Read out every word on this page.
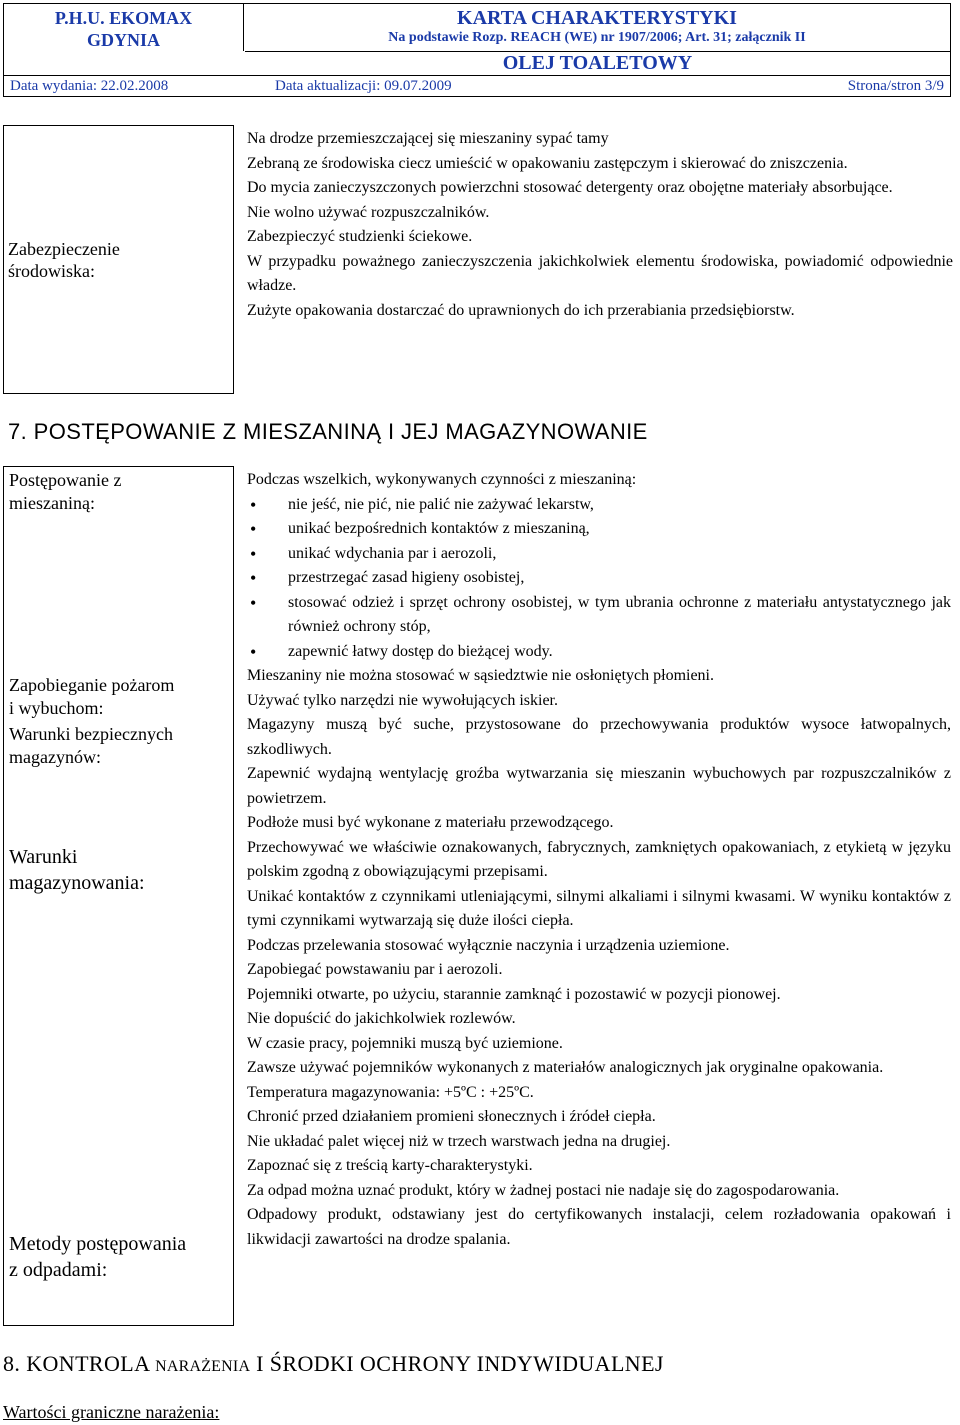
P.H.U. EKOMAX
GDYNIA
KARTA CHARAKTERYSTYKI
Na podstawie Rozp. REACH (WE) nr 1907/2006; Art. 31; załącznik II
OLEJ TOALETOWY
Data wydania: 22.02.2008	Data aktualizacji: 09.07.2009	Strona/stron 3/9
Zabezpieczenie
środowiska:
Na drodze przemieszczającej się mieszaniny sypać tamy
Zebraną ze środowiska ciecz umieścić w opakowaniu zastępczym i skierować do zniszczenia.
Do mycia zanieczyszczonych powierzchni stosować detergenty oraz obojętne materiały absorbujące.
Nie wolno używać rozpuszczalników.
Zabezpieczyć studzienki ściekowe.
W przypadku poważnego zanieczyszczenia jakichkolwiek elementu środowiska, powiadomić odpowiednie władze.
Zużyte opakowania dostarczać do uprawnionych do ich przerabiania przedsiębiorstw.
7. POSTĘPOWANIE Z MIESZANINĄ I JEJ MAGAZYNOWANIE
Postępowanie z
mieszaniną:
Zapobieganie pożarom
i wybuchom:
Warunki bezpiecznych
magazynów:
Warunki
magazynowania:
Metody postępowania
z odpadami:
Podczas wszelkich, wykonywanych czynności z mieszaniną:
• nie jeść, nie pić, nie palić nie zażywać lekarstw,
• unikać bezpośrednich kontaktów z mieszaniną,
• unikać wdychania par i aerozoli,
• przestrzegać zasad higieny osobistej,
• stosować odzież i sprzęt ochrony osobistej, w tym ubrania ochronne z materiału antystatycznego jak również ochrony stóp,
• zapewnić łatwy dostęp do bieżącej wody.
Mieszaniny nie można stosować w sąsiedztwie nie osłoniętych płomieni.
Używać tylko narzędzi nie wywołujących iskier.
Magazyny muszą być suche, przystosowane do przechowywania produktów wysoce łatwopalnych, szkodliwych.
Zapewnić wydajną wentylację groźba wytwarzania się mieszanin wybuchowych par rozpuszczalników z powietrzem.
Podłoże musi być wykonane z materiału przewodzącego.
Przechowywać we właściwie oznakowanych, fabrycznych, zamkniętych opakowaniach, z etykietą w języku polskim zgodną z obowiązującymi przepisami.
Unikać kontaktów z czynnikami utleniającymi, silnymi alkaliami i silnymi kwasami. W wyniku kontaktów z tymi czynnikami wytwarzają się duże ilości ciepła.
Podczas przelewania stosować wyłącznie naczynia i urządzenia uziemione.
Zapobiegać powstawaniu par i aerozoli.
Pojemniki otwarte, po użyciu, starannie zamknąć i pozostawić w pozycji pionowej.
Nie dopuścić do jakichkolwiek rozlewów.
W czasie pracy, pojemniki muszą być uziemione.
Zawsze używać pojemników wykonanych z materiałów analogicznych jak oryginalne opakowania.
Temperatura magazynowania: +5ºC : +25ºC.
Chronić przed działaniem promieni słonecznych i źródeł ciepła.
Nie układać palet więcej niż w trzech warstwach jedna na drugiej.
Zapoznać się z treścią karty-charakterystyki.
Za odpad można uznać produkt, który w żadnej postaci nie nadaje się do zagospodarowania.
Odpadowy produkt, odstawiany jest do certyfikowanych instalacji, celem rozładowania opakowań i likwidacji zawartości na drodze spalania.
8. KONTROLA NARAŻENIA I ŚRODKI OCHRONY INDYWIDUALNEJ
Wartości graniczne narażenia:
